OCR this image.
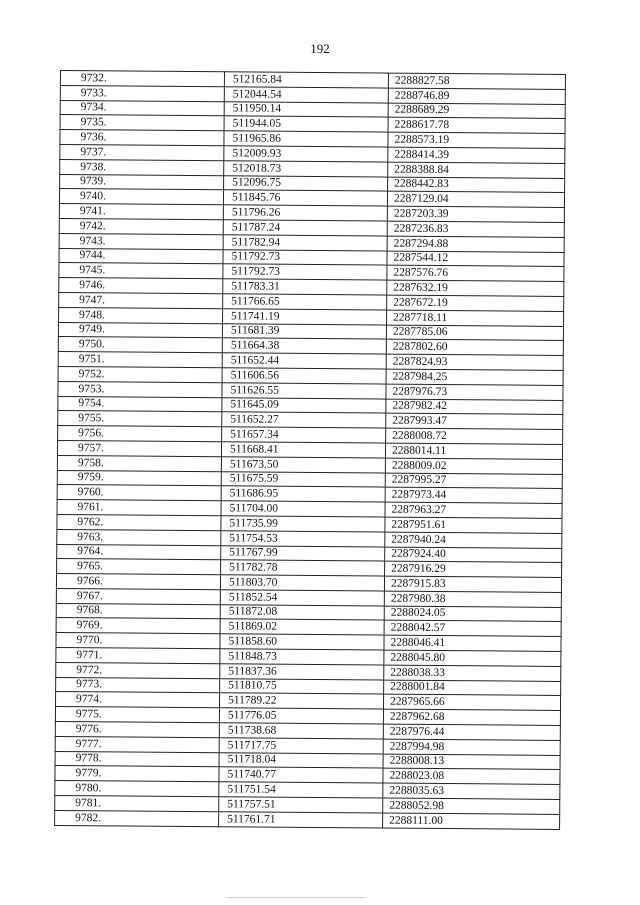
192
9732.	512165.84	2288827.58
9733.	512044.54	2288746.89
9734.	511950.14	2288689.29
9735.	511944.05	2288617.78
9736.	511965.86	2288573.19
9737.	512009.93	2288414.39
9738.	512018.73	2288388.84
9739.	512096.75	2288442.83
9740.	511845.76	2287129.04
9741.	511796.26	2287203.39
9742.	511787.24	2287236.83
9743.	511782.94	2287294.88
9744.	511792.73	2287544.12
9745.	511792.73	2287576.76
9746.	511783.31	2287632.19
9747.	511766.65	2287672.19
9748.	511741.19	2287718.11
9749.	511681.39	2287785.06
9750.	511664.38	2287802.60
9751.	511652.44	2287824.93
9752.	511606.56	2287984.25
9753.	511626.55	2287976.73
9754.	511645.09	2287982.42
9755.	511652.27	2287993.47
9756.	511657.34	2288008.72
9757.	511668.41	2288014.11
9758.	511673.50	2288009.02
9759.	511675.59	2287995.27
9760.	511686.95	2287973.44
9761.	511704.00	2287963.27
9762.	511735.99	2287951.61
9763.	511754.53	2287940.24
9764.	511767.99	2287924.40
9765.	511782.78	2287916.29
9766.	511803.70	2287915.83
9767.	511852.54	2287980.38
9768.	511872.08	2288024.05
9769.	511869.02	2288042.57
9770.	511858.60	2288046.41
9771.	511848.73	2288045.80
9772.	511837.36	2288038.33
9773.	511810.75	2288001.84
9774.	511789.22	2287965.66
9775.	511776.05	2287962.68
9776.	511738.68	2287976.44
9777.	511717.75	2287994.98
9778.	511718.04	2288008.13
9779.	511740.77	2288023.08
9780.	511751.54	2288035.63
9781.	511757.51	2288052.98
9782.	511761.71	2288111.00
